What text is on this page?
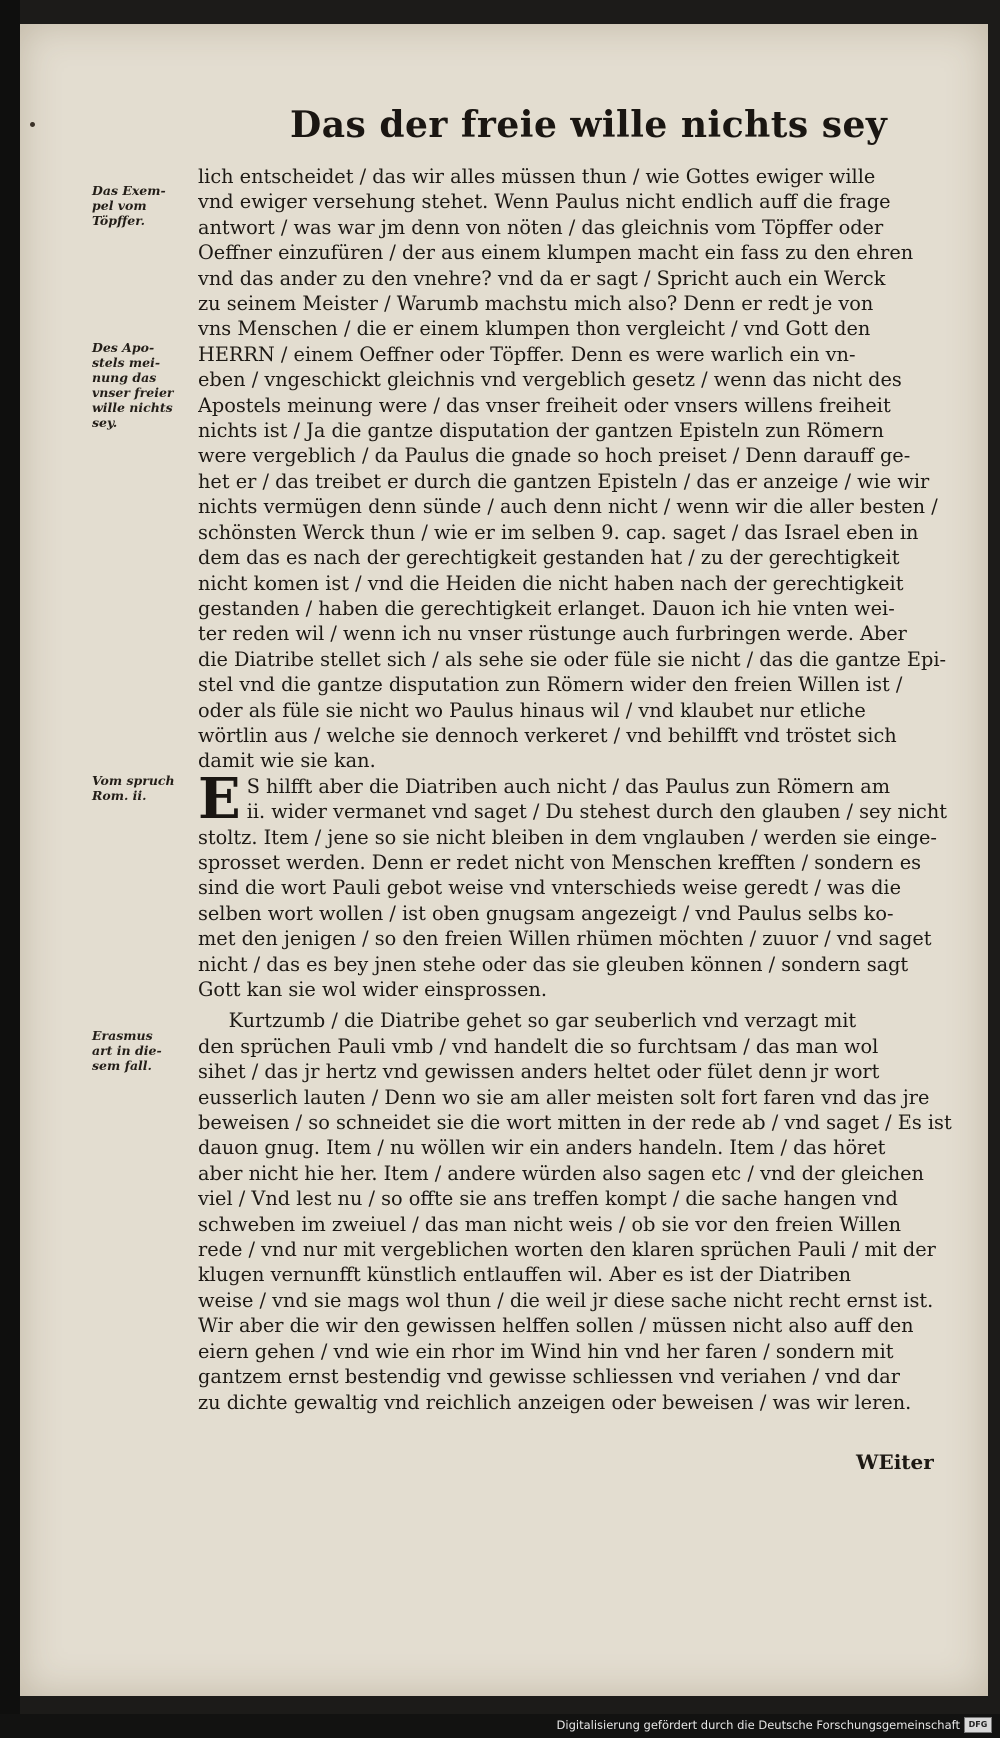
Das der freie wille nichts sey
Das Exem-
pel vom
Töpffer.
Des Apo-
stels mei-
nung das
vnser freier
wille nichts
sey.
Vom spruch
Rom. ii.
Erasmus
art in die-
sem fall.
lich entscheidet / das wir alles müssen thun / wie Gottes ewiger wille
vnd ewiger versehung stehet. Wenn Paulus nicht endlich auff die frage
antwort / was war jm denn von nöten / das gleichnis vom Töpffer oder
Oeffner einzufüren / der aus einem klumpen macht ein fass zu den ehren
vnd das ander zu den vnehre? vnd da er sagt / Spricht auch ein Werck
zu seinem Meister / Warumb machstu mich also? Denn er redt je von
vns Menschen / die er einem klumpen thon vergleicht / vnd Gott den
HERRN / einem Oeffner oder Töpffer. Denn es were warlich ein vn-
eben / vngeschickt gleichnis vnd vergeblich gesetz / wenn das nicht des
Apostels meinung were / das vnser freiheit oder vnsers willens freiheit
nichts ist / Ja die gantze disputation der gantzen Episteln zun Römern
were vergeblich / da Paulus die gnade so hoch preiset / Denn darauff ge-
het er / das treibet er durch die gantzen Episteln / das er anzeige / wie wir
nichts vermügen denn sünde / auch denn nicht / wenn wir die aller besten /
schönsten Werck thun / wie er im selben 9. cap. saget / das Israel eben in
dem das es nach der gerechtigkeit gestanden hat / zu der gerechtigkeit
nicht komen ist / vnd die Heiden die nicht haben nach der gerechtigkeit
gestanden / haben die gerechtigkeit erlanget. Dauon ich hie vnten wei-
ter reden wil / wenn ich nu vnser rüstunge auch furbringen werde. Aber
die Diatribe stellet sich / als sehe sie oder füle sie nicht / das die gantze Epi-
stel vnd die gantze disputation zun Römern wider den freien Willen ist /
oder als füle sie nicht wo Paulus hinaus wil / vnd klaubet nur etliche
wörtlin aus / welche sie dennoch verkeret / vnd behilfft vnd tröstet sich
damit wie sie kan.
E S hilfft aber die Diatriben auch nicht / das Paulus zun Römern am
ii. wider vermanet vnd saget / Du stehest durch den glauben / sey nicht
stoltz. Item / jene so sie nicht bleiben in dem vnglauben / werden sie einge-
sprosset werden. Denn er redet nicht von Menschen krefften / sondern es
sind die wort Pauli gebot weise vnd vnterschieds weise geredt / was die
selben wort wollen / ist oben gnugsam angezeigt / vnd Paulus selbs ko-
met den jenigen / so den freien Willen rhümen möchten / zuuor / vnd saget
nicht / das es bey jnen stehe oder das sie gleuben können / sondern sagt
Gott kan sie wol wider einsprossen.
Kurtzumb / die Diatribe gehet so gar seuberlich vnd verzagt mit
den sprüchen Pauli vmb / vnd handelt die so furchtsam / das man wol
sihet / das jr hertz vnd gewissen anders heltet oder fület denn jr wort
eusserlich lauten / Denn wo sie am aller meisten solt fort faren vnd das jre
beweisen / so schneidet sie die wort mitten in der rede ab / vnd saget / Es ist
dauon gnug. Item / nu wöllen wir ein anders handeln. Item / das höret
aber nicht hie her. Item / andere würden also sagen etc / vnd der gleichen
viel / Vnd lest nu / so offte sie ans treffen kompt / die sache hangen vnd
schweben im zweiuel / das man nicht weis / ob sie vor den freien Willen
rede / vnd nur mit vergeblichen worten den klaren sprüchen Pauli / mit der
klugen vernunfft künstlich entlauffen wil. Aber es ist der Diatriben
weise / vnd sie mags wol thun / die weil jr diese sache nicht recht ernst ist.
Wir aber die wir den gewissen helffen sollen / müssen nicht also auff den
eiern gehen / vnd wie ein rhor im Wind hin vnd her faren / sondern mit
gantzem ernst bestendig vnd gewisse schliessen vnd veriahen / vnd dar
zu dichte gewaltig vnd reichlich anzeigen oder beweisen / was wir leren.
WEiter
Digitalisierung gefördert durch die Deutsche Forschungsgemeinschaft	DFG
